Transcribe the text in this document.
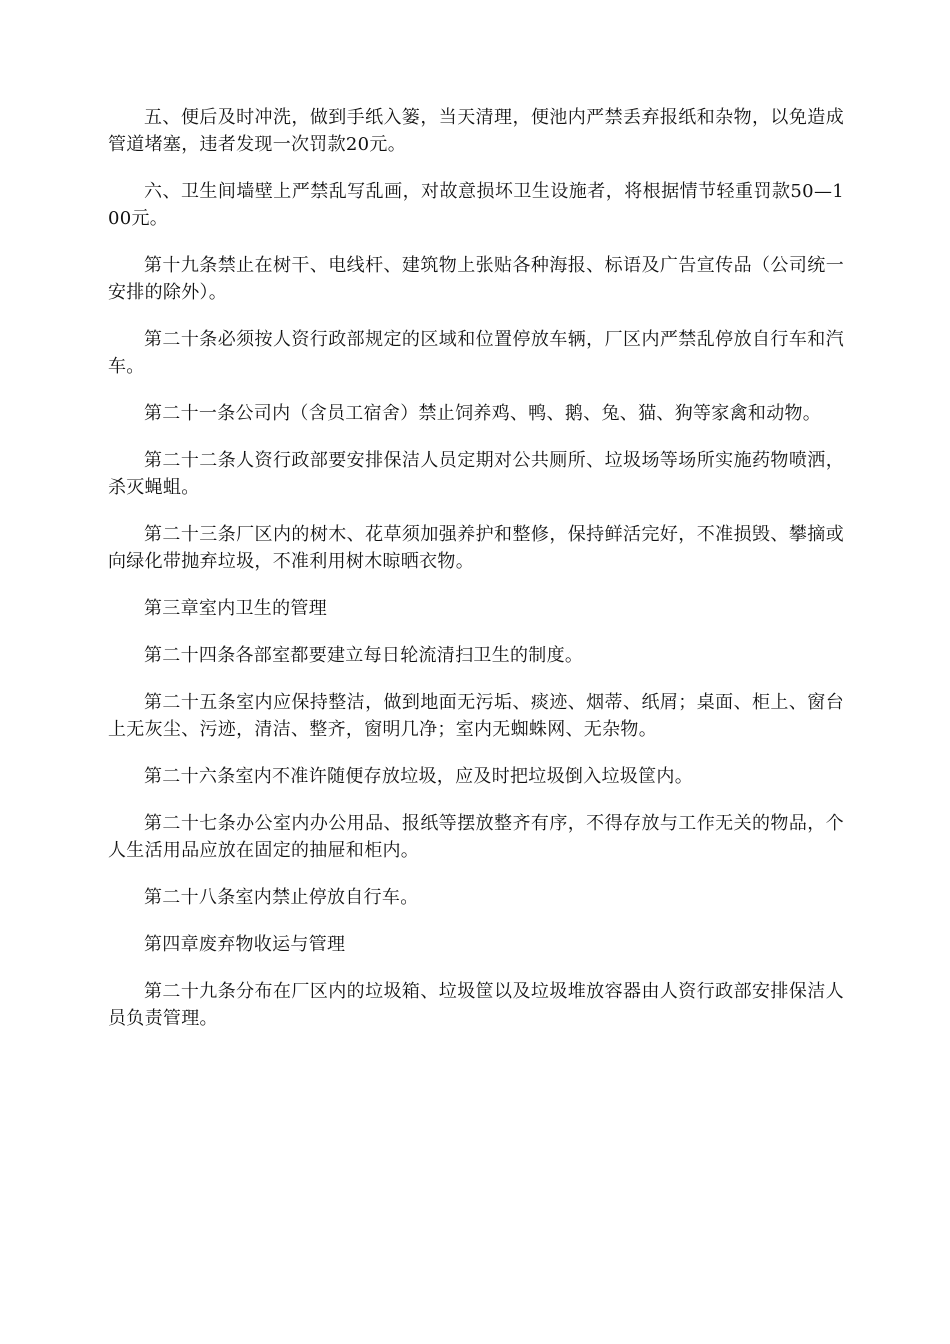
五、便后及时冲洗，做到手纸入篓，当天清理，便池内严禁丢弃报纸和杂物，以免造成管道堵塞，违者发现一次罚款20元。

六、卫生间墙壁上严禁乱写乱画，对故意损坏卫生设施者，将根据情节轻重罚款50—100元。

第十九条禁止在树干、电线杆、建筑物上张贴各种海报、标语及广告宣传品（公司统一安排的除外）。

第二十条必须按人资行政部规定的区域和位置停放车辆，厂区内严禁乱停放自行车和汽车。

第二十一条公司内（含员工宿舍）禁止饲养鸡、鸭、鹅、兔、猫、狗等家禽和动物。

第二十二条人资行政部要安排保洁人员定期对公共厕所、垃圾场等场所实施药物喷洒，杀灭蝇蛆。

第二十三条厂区内的树木、花草须加强养护和整修，保持鲜活完好，不准损毁、攀摘或向绿化带抛弃垃圾，不准利用树木晾晒衣物。

第三章室内卫生的管理

第二十四条各部室都要建立每日轮流清扫卫生的制度。

第二十五条室内应保持整洁，做到地面无污垢、痰迹、烟蒂、纸屑；桌面、柜上、窗台上无灰尘、污迹，清洁、整齐，窗明几净；室内无蜘蛛网、无杂物。

第二十六条室内不准许随便存放垃圾，应及时把垃圾倒入垃圾筐内。

第二十七条办公室内办公用品、报纸等摆放整齐有序，不得存放与工作无关的物品，个人生活用品应放在固定的抽屉和柜内。

第二十八条室内禁止停放自行车。

第四章废弃物收运与管理

第二十九条分布在厂区内的垃圾箱、垃圾筐以及垃圾堆放容器由人资行政部安排保洁人员负责管理。
